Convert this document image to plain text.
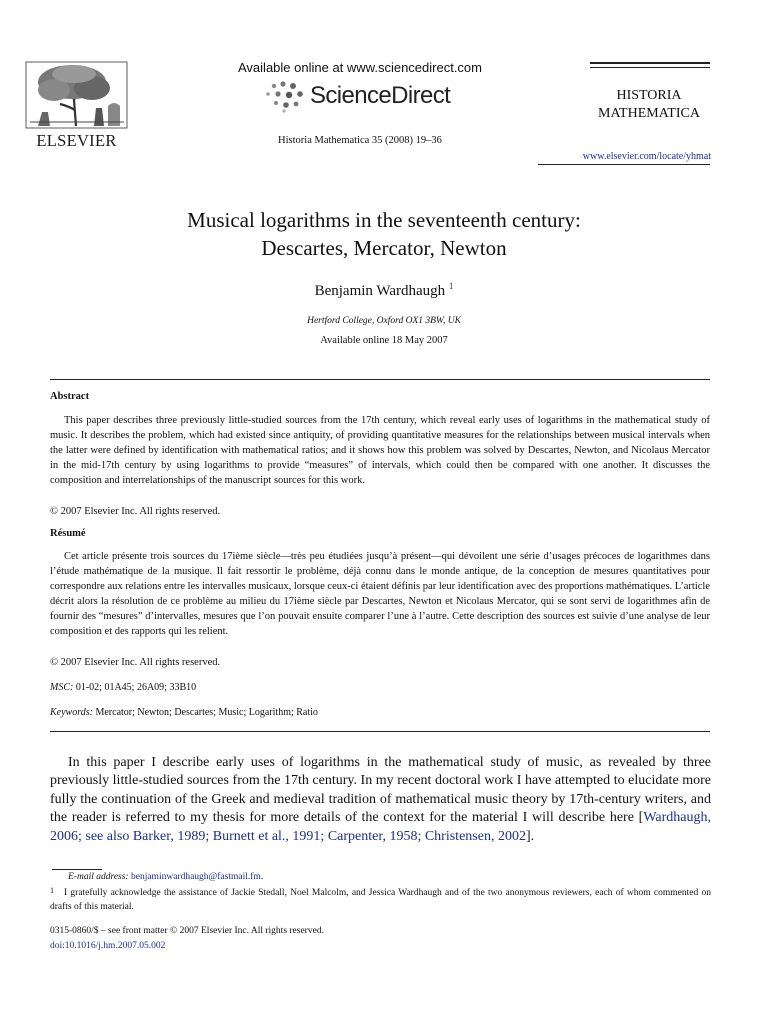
ELSEVIER
Available online at www.sciencedirect.com
ScienceDirect
Historia Mathematica 35 (2008) 19–36
HISTORIA
MATHEMATICA
www.elsevier.com/locate/yhmat
Musical logarithms in the seventeenth century:
Descartes, Mercator, Newton
Benjamin Wardhaugh $^1$
Hertford College, Oxford OX1 3BW, UK
Available online 18 May 2007
Abstract
This paper describes three previously little-studied sources from the 17th century, which reveal early uses of logarithms in the mathematical study of music. It describes the problem, which had existed since antiquity, of providing quantitative measures for the relationships between musical intervals when the latter were defined by identification with mathematical ratios; and it shows how this problem was solved by Descartes, Newton, and Nicolaus Mercator in the mid-17th century by using logarithms to provide “measures” of intervals, which could then be compared with one another. It discusses the composition and interrelationships of the manuscript sources for this work.
© 2007 Elsevier Inc. All rights reserved.
Résumé
Cet article présente trois sources du 17ième siècle—très peu étudiées jusqu’à présent—qui dévoilent une série d’usages précoces de logarithmes dans l’étude mathématique de la musique. Il fait ressortir le problème, déjà connu dans le monde antique, de la conception de mesures quantitatives pour correspondre aux relations entre les intervalles musicaux, lorsque ceux-ci étaient définis par leur identification avec des proportions mathématiques. L’article décrit alors la résolution de ce problème au milieu du 17ième siècle par Descartes, Newton et Nicolaus Mercator, qui se sont servi de logarithmes afin de fournir des “mesures” d’intervalles, mesures que l’on pouvait ensuite comparer l’une à l’autre. Cette description des sources est suivie d’une analyse de leur composition et des rapports qui les relient.
© 2007 Elsevier Inc. All rights reserved.
MSC: 01-02; 01A45; 26A09; 33B10
Keywords: Mercator; Newton; Descartes; Music; Logarithm; Ratio
In this paper I describe early uses of logarithms in the mathematical study of music, as revealed by three previously little-studied sources from the 17th century. In my recent doctoral work I have attempted to elucidate more fully the continuation of the Greek and medieval tradition of mathematical music theory by 17th-century writers, and the reader is referred to my thesis for more details of the context for the material I will describe here [Wardhaugh, 2006; see also Barker, 1989; Burnett et al., 1991; Carpenter, 1958; Christensen, 2002].
E-mail address: benjaminwardhaugh@fastmail.fm.
1 I gratefully acknowledge the assistance of Jackie Stedall, Noel Malcolm, and Jessica Wardhaugh and of the two anonymous reviewers, each of whom commented on drafts of this material.
0315-0860/$ – see front matter © 2007 Elsevier Inc. All rights reserved.
doi:10.1016/j.hm.2007.05.002
